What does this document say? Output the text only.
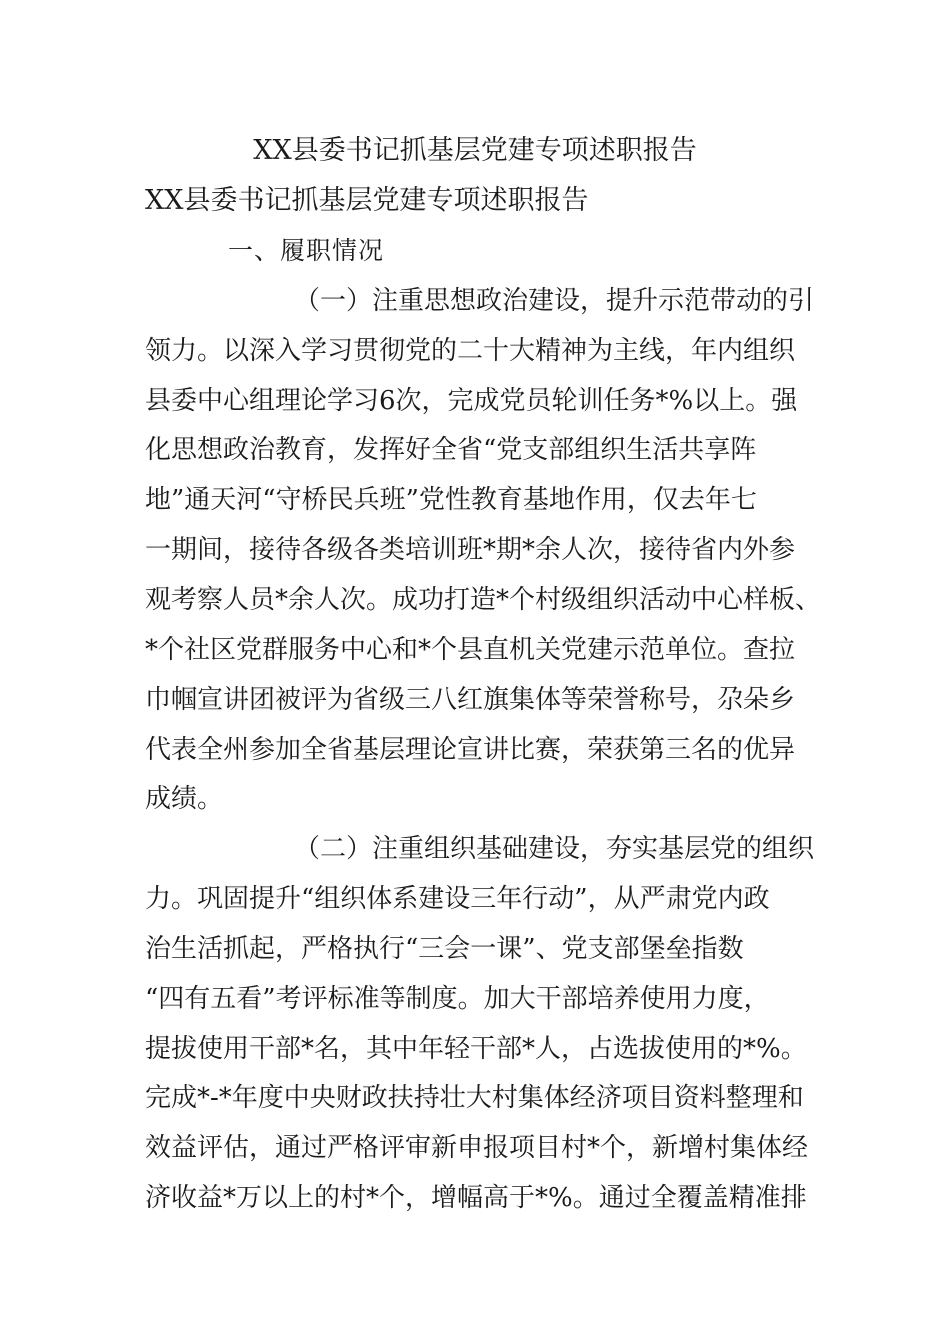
XX县委书记抓基层党建专项述职报告
XX县委书记抓基层党建专项述职报告
一、履职情况

（一）注重思想政治建设，提升示范带动的引

领力。以深入学习贯彻党的二十大精神为主线，年内组织

县委中心组理论学习6次，完成党员轮训任务*%以上。强

化思想政治教育，发挥好全省“党支部组织生活共享阵

地”通天河“守桥民兵班”党性教育基地作用，仅去年七

一期间，接待各级各类培训班*期*余人次，接待省内外参

观考察人员*余人次。成功打造*个村级组织活动中心样板、

*个社区党群服务中心和*个县直机关党建示范单位。查拉

巾帼宣讲团被评为省级三八红旗集体等荣誉称号，尕朵乡

代表全州参加全省基层理论宣讲比赛，荣获第三名的优异

成绩。

（二）注重组织基础建设，夯实基层党的组织

力。巩固提升“组织体系建设三年行动”，从严肃党内政

治生活抓起，严格执行“三会一课”、党支部堡垒指数

“四有五看”考评标准等制度。加大干部培养使用力度，

提拔使用干部*名，其中年轻干部*人，占选拔使用的*%。

完成*-*年度中央财政扶持壮大村集体经济项目资料整理和

效益评估，通过严格评审新申报项目村*个，新增村集体经

济收益*万以上的村*个，增幅高于*%。通过全覆盖精准排
